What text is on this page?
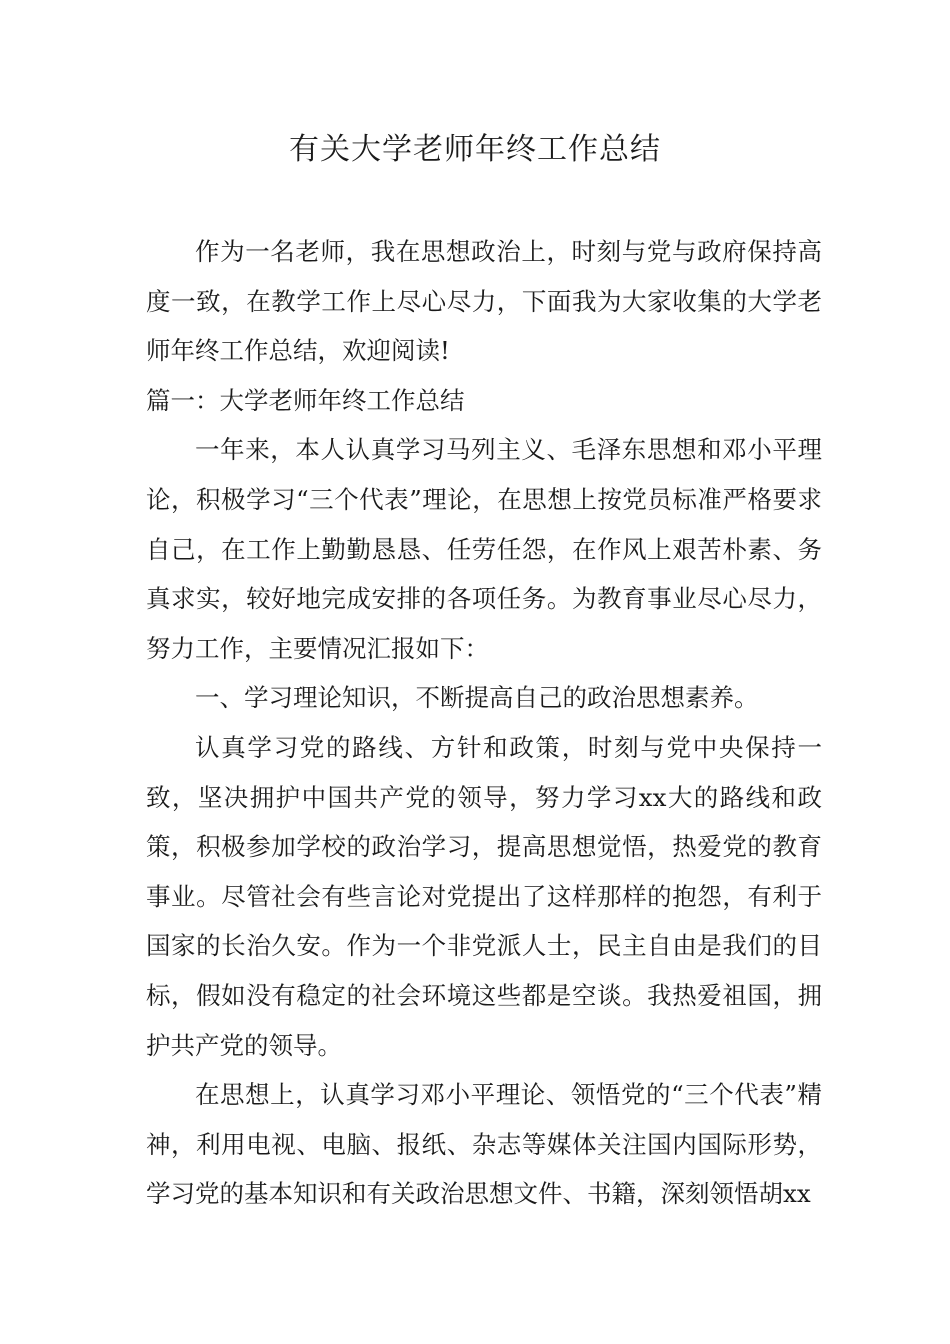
有关大学老师年终工作总结

作为一名老师，我在思想政治上，时刻与党与政府保持高度一致，在教学工作上尽心尽力，下面我为大家收集的大学老师年终工作总结，欢迎阅读!

篇一：大学老师年终工作总结

一年来，本人认真学习马列主义、毛泽东思想和邓小平理论，积极学习“三个代表”理论，在思想上按党员标准严格要求自己，在工作上勤勤恳恳、任劳任怨，在作风上艰苦朴素、务真求实，较好地完成安排的各项任务。为教育事业尽心尽力，努力工作，主要情况汇报如下：

一、学习理论知识，不断提高自己的政治思想素养。

认真学习党的路线、方针和政策，时刻与党中央保持一致，坚决拥护中国共产党的领导，努力学习xx大的路线和政策，积极参加学校的政治学习，提高思想觉悟，热爱党的教育事业。尽管社会有些言论对党提出了这样那样的抱怨，有利于国家的长治久安。作为一个非党派人士，民主自由是我们的目标，假如没有稳定的社会环境这些都是空谈。我热爱祖国，拥护共产党的领导。

在思想上，认真学习邓小平理论、领悟党的“三个代表”精神，利用电视、电脑、报纸、杂志等媒体关注国内国际形势，学习党的基本知识和有关政治思想文件、书籍，深刻领悟胡xx
